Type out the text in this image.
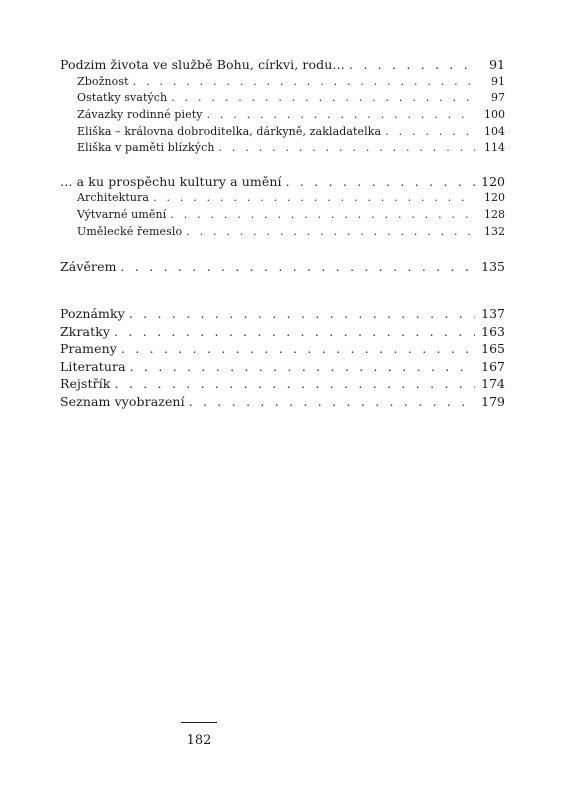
Podzim života ve službě Bohu, církvi, rodu… . . .	91
Zbožnost . . .	91
Ostatky svatých . . .	97
Závazky rodinné piety . . .	100
Eliška – královna dobroditelka, dárkyně, zakladatelka . . .	104
Eliška v paměti blízkých . . .	114
… a ku prospěchu kultury a umění . . .	120
Architektura . . .	120
Výtvarné umění . . .	128
Umělecké řemeslo . . .	132
Závěrem . . .	135
Poznámky . . .	137
Zkratky . . .	163
Prameny . . .	165
Literatura . . .	167
Rejstřík . . .	174
Seznam vyobrazení . . .	179
182
